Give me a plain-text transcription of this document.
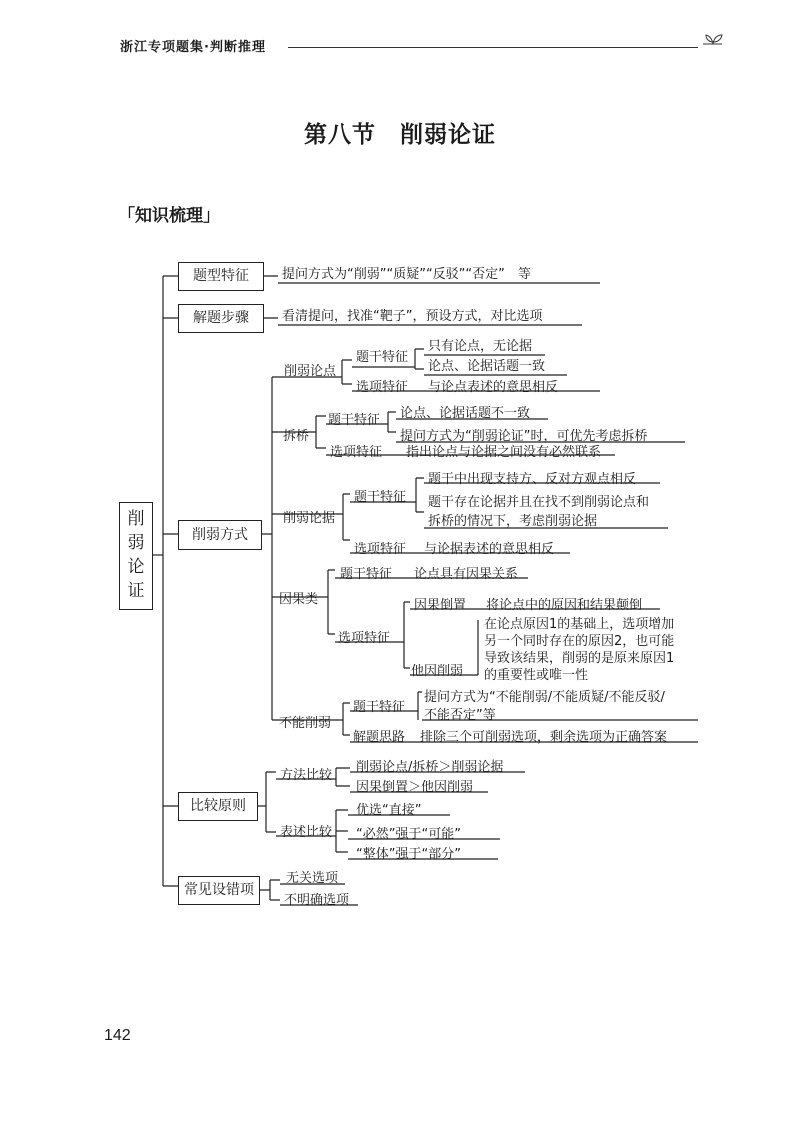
浙江专项题集·判断推理
第八节　削弱论证
「知识梳理」
削弱论证
题型特征
解题步骤
削弱方式
比较原则
常见设错项
提问方式为“削弱”“质疑”“反驳”“否定”　等
看清提问，找准“靶子”，预设方式，对比选项
削弱论点
题干特征
只有论点，无论据
论点、论据话题一致
选项特征 与论点表述的意思相反
拆桥
题干特征 论点、论据话题不一致
提问方式为“削弱论证”时，可优先考虑拆桥
选项特征 指出论点与论据之间没有必然联系
削弱论据
题干特征
题干中出现支持方、反对方观点相反
题干存在论据并且在找不到削弱论点和
拆桥的情况下，考虑削弱论据
选项特征 与论据表述的意思相反
因果类
题干特征 论点具有因果关系
选项特征
因果倒置 将论点中的原因和结果颠倒
他因削弱
在论点原因1的基础上，选项增加
另一个同时存在的原因2，也可能
导致该结果，削弱的是原来原因1
的重要性或唯一性
不能削弱
题干特征
提问方式为“不能削弱/不能质疑/不能反驳/
不能否定”等
解题思路 排除三个可削弱选项，剩余选项为正确答案
方法比较
削弱论点/拆桥＞削弱论据
因果倒置＞他因削弱
表述比较
优选“直接”
“必然”强于“可能”
“整体”强于“部分”
无关选项
不明确选项
142
